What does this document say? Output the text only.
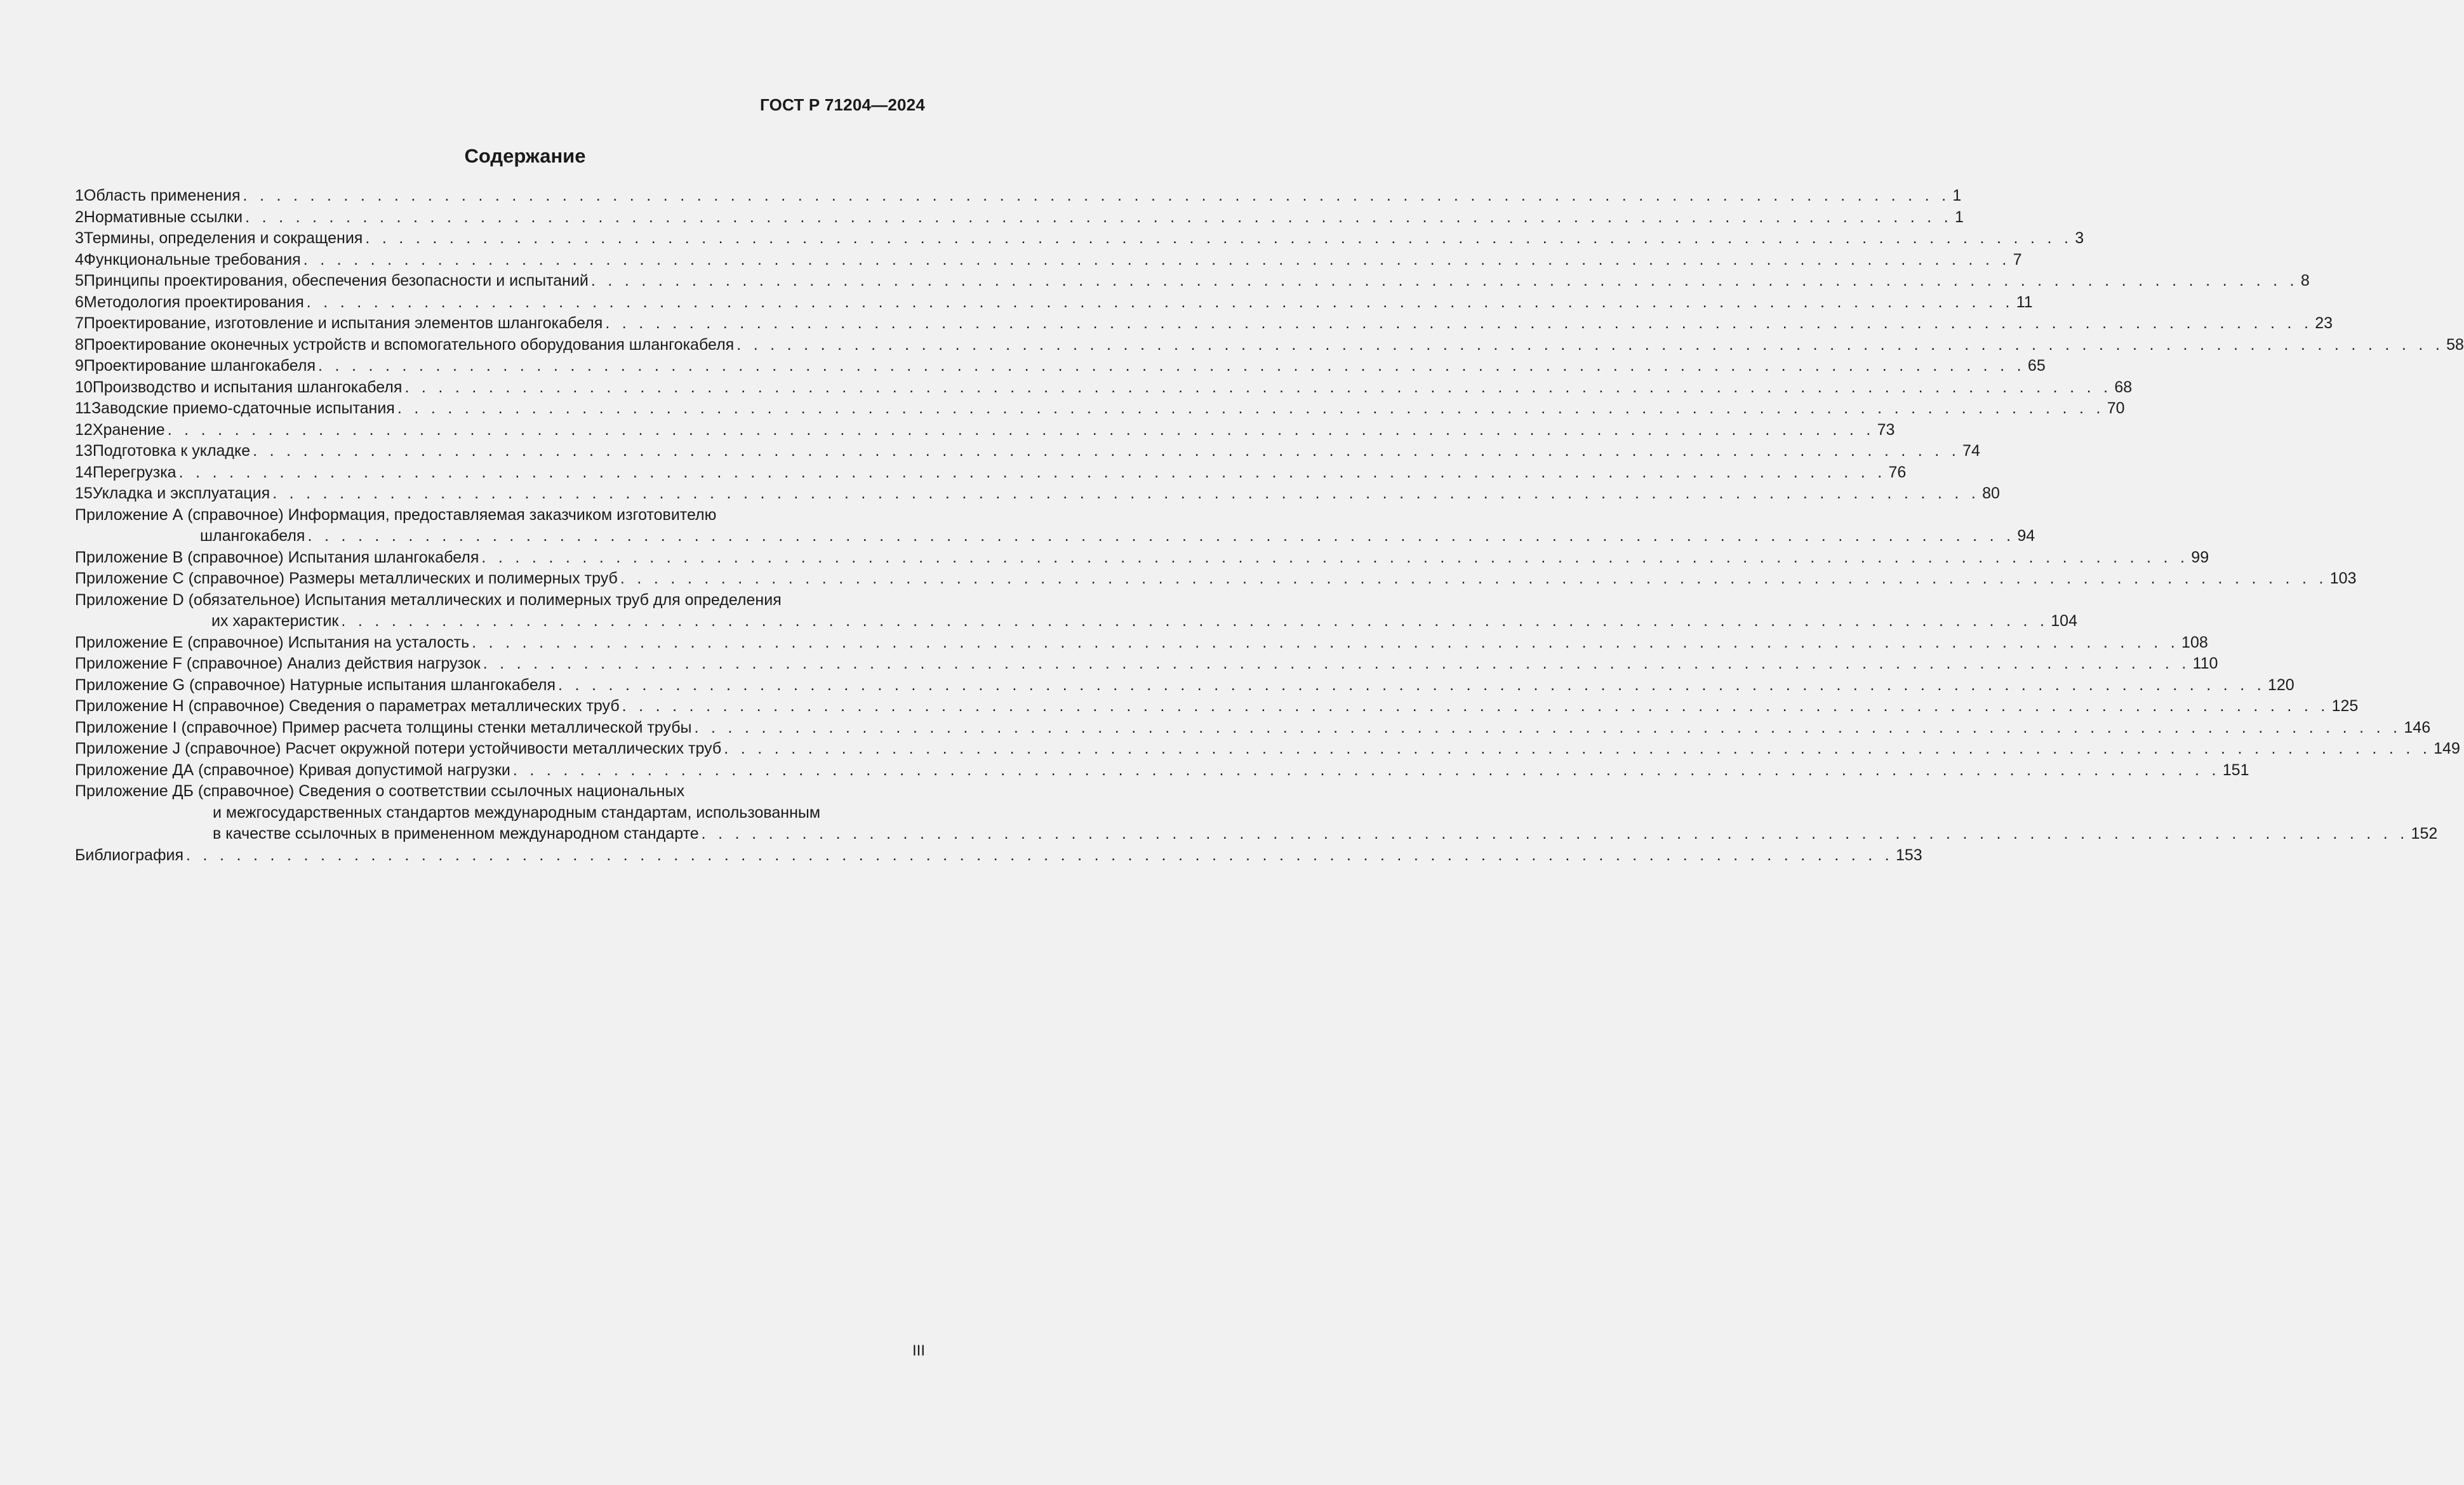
ГОСТ Р 71204—2024
Содержание
1 Область применения . . . . . . . . . . . . . . . . . . . . . . . . . . . . . . . . . . . . . . . . . . . . . . . . . . . . . . . . . . . . . . . . . . . . . . . . . . . . . . . . . . . . . . . . . . . . . . . . . . . . . . 1
2 Нормативные ссылки . . . . . . . . . . . . . . . . . . . . . . . . . . . . . . . . . . . . . . . . . . . . . . . . . . . . . . . . . . . . . . . . . . . . . . . . . . . . . . . . . . . . . . . . . . . . . . . . . . . . . . 1
3 Термины, определения и сокращения . . . . . . . . . . . . . . . . . . . . . . . . . . . . . . . . . . . . . . . . . . . . . . . . . . . . . . . . . . . . . . . . . . . . . . . . . . . . . . . . . . . . . . . . . . . . . . . . . . . . . . 3
4 Функциональные требования . . . . . . . . . . . . . . . . . . . . . . . . . . . . . . . . . . . . . . . . . . . . . . . . . . . . . . . . . . . . . . . . . . . . . . . . . . . . . . . . . . . . . . . . . . . . . . . . . . . . . . 7
5 Принципы проектирования, обеспечения безопасности и испытаний . . . . . . . . . . . . . . . . . . . . . . . . . . . . . . . . . . . . . . . . . . . . . . . . . . . . . . . . . . . . . . . . . . . . . . . . . . . . . . . . . . . . . . . . . . . . . . . . . . . . . . 8
6 Методология проектирования . . . . . . . . . . . . . . . . . . . . . . . . . . . . . . . . . . . . . . . . . . . . . . . . . . . . . . . . . . . . . . . . . . . . . . . . . . . . . . . . . . . . . . . . . . . . . . . . . . . . . . 11
7 Проектирование, изготовление и испытания элементов шлангокабеля . . . . . . . . . . . . . . . . . . . . . . . . . . . . . . . . . . . . . . . . . . . . . . . . . . . . . . . . . . . . . . . . . . . . . . . . . . . . . . . . . . . . . . . . . . . . . . . . . . . . . . 23
8 Проектирование оконечных устройств и вспомогательного оборудования шлангокабеля . . . . . . . . . . . . . . . . . . . . . . . . . . . . . . . . . . . . . . . . . . . . . . . . . . . . . . . . . . . . . . . . . . . . . . . . . . . . . . . . . . . . . . . . . . . . . . . . . . . . . . 58
9 Проектирование шлангокабеля . . . . . . . . . . . . . . . . . . . . . . . . . . . . . . . . . . . . . . . . . . . . . . . . . . . . . . . . . . . . . . . . . . . . . . . . . . . . . . . . . . . . . . . . . . . . . . . . . . . . . . 65
10 Производство и испытания шлангокабеля . . . . . . . . . . . . . . . . . . . . . . . . . . . . . . . . . . . . . . . . . . . . . . . . . . . . . . . . . . . . . . . . . . . . . . . . . . . . . . . . . . . . . . . . . . . . . . . . . . . . . . 68
11 Заводские приемо-сдаточные испытания . . . . . . . . . . . . . . . . . . . . . . . . . . . . . . . . . . . . . . . . . . . . . . . . . . . . . . . . . . . . . . . . . . . . . . . . . . . . . . . . . . . . . . . . . . . . . . . . . . . . . . 70
12 Хранение . . . . . . . . . . . . . . . . . . . . . . . . . . . . . . . . . . . . . . . . . . . . . . . . . . . . . . . . . . . . . . . . . . . . . . . . . . . . . . . . . . . . . . . . . . . . . . . . . . . . . . 73
13 Подготовка к укладке . . . . . . . . . . . . . . . . . . . . . . . . . . . . . . . . . . . . . . . . . . . . . . . . . . . . . . . . . . . . . . . . . . . . . . . . . . . . . . . . . . . . . . . . . . . . . . . . . . . . . . 74
14 Перегрузка . . . . . . . . . . . . . . . . . . . . . . . . . . . . . . . . . . . . . . . . . . . . . . . . . . . . . . . . . . . . . . . . . . . . . . . . . . . . . . . . . . . . . . . . . . . . . . . . . . . . . . 76
15 Укладка и эксплуатация . . . . . . . . . . . . . . . . . . . . . . . . . . . . . . . . . . . . . . . . . . . . . . . . . . . . . . . . . . . . . . . . . . . . . . . . . . . . . . . . . . . . . . . . . . . . . . . . . . . . . . 80
Приложение А (справочное) Информация, предоставляемая заказчиком изготовителю
шлангокабеля . . . . . . . . . . . . . . . . . . . . . . . . . . . . . . . . . . . . . . . . . . . . . . . . . . . . . . . . . . . . . . . . . . . . . . . . . . . . . . . . . . . . . . . . . . . . . . . . . . . . . . 94
Приложение В (справочное) Испытания шлангокабеля . . . . . . . . . . . . . . . . . . . . . . . . . . . . . . . . . . . . . . . . . . . . . . . . . . . . . . . . . . . . . . . . . . . . . . . . . . . . . . . . . . . . . . . . . . . . . . . . . . . . . . 99
Приложение С (справочное) Размеры металлических и полимерных труб . . . . . . . . . . . . . . . . . . . . . . . . . . . . . . . . . . . . . . . . . . . . . . . . . . . . . . . . . . . . . . . . . . . . . . . . . . . . . . . . . . . . . . . . . . . . . . . . . . . . . . 103
Приложение D (обязательное) Испытания металлических и полимерных труб для определения
их характеристик . . . . . . . . . . . . . . . . . . . . . . . . . . . . . . . . . . . . . . . . . . . . . . . . . . . . . . . . . . . . . . . . . . . . . . . . . . . . . . . . . . . . . . . . . . . . . . . . . . . . . . 104
Приложение Е (справочное) Испытания на усталость . . . . . . . . . . . . . . . . . . . . . . . . . . . . . . . . . . . . . . . . . . . . . . . . . . . . . . . . . . . . . . . . . . . . . . . . . . . . . . . . . . . . . . . . . . . . . . . . . . . . . . 108
Приложение F (справочное) Анализ действия нагрузок . . . . . . . . . . . . . . . . . . . . . . . . . . . . . . . . . . . . . . . . . . . . . . . . . . . . . . . . . . . . . . . . . . . . . . . . . . . . . . . . . . . . . . . . . . . . . . . . . . . . . . 110
Приложение G (справочное) Натурные испытания шлангокабеля . . . . . . . . . . . . . . . . . . . . . . . . . . . . . . . . . . . . . . . . . . . . . . . . . . . . . . . . . . . . . . . . . . . . . . . . . . . . . . . . . . . . . . . . . . . . . . . . . . . . . . 120
Приложение Н (справочное) Сведения о параметрах металлических труб . . . . . . . . . . . . . . . . . . . . . . . . . . . . . . . . . . . . . . . . . . . . . . . . . . . . . . . . . . . . . . . . . . . . . . . . . . . . . . . . . . . . . . . . . . . . . . . . . . . . . . 125
Приложение I (справочное) Пример расчета толщины стенки металлической трубы . . . . . . . . . . . . . . . . . . . . . . . . . . . . . . . . . . . . . . . . . . . . . . . . . . . . . . . . . . . . . . . . . . . . . . . . . . . . . . . . . . . . . . . . . . . . . . . . . . . . . . 146
Приложение J (справочное) Расчет окружной потери устойчивости металлических труб . . . . . . . . . . . . . . . . . . . . . . . . . . . . . . . . . . . . . . . . . . . . . . . . . . . . . . . . . . . . . . . . . . . . . . . . . . . . . . . . . . . . . . . . . . . . . . . . . . . . . . 149
Приложение ДА (справочное) Кривая допустимой нагрузки . . . . . . . . . . . . . . . . . . . . . . . . . . . . . . . . . . . . . . . . . . . . . . . . . . . . . . . . . . . . . . . . . . . . . . . . . . . . . . . . . . . . . . . . . . . . . . . . . . . . . . 151
Приложение ДБ (справочное) Сведения о соответствии ссылочных национальных
и межгосударственных стандартов международным стандартам, использованным
в качестве ссылочных в примененном международном стандарте . . . . . . . . . . . . . . . . . . . . . . . . . . . . . . . . . . . . . . . . . . . . . . . . . . . . . . . . . . . . . . . . . . . . . . . . . . . . . . . . . . . . . . . . . . . . . . . . . . . . . . 152
Библиография . . . . . . . . . . . . . . . . . . . . . . . . . . . . . . . . . . . . . . . . . . . . . . . . . . . . . . . . . . . . . . . . . . . . . . . . . . . . . . . . . . . . . . . . . . . . . . . . . . . . . . 153
III
